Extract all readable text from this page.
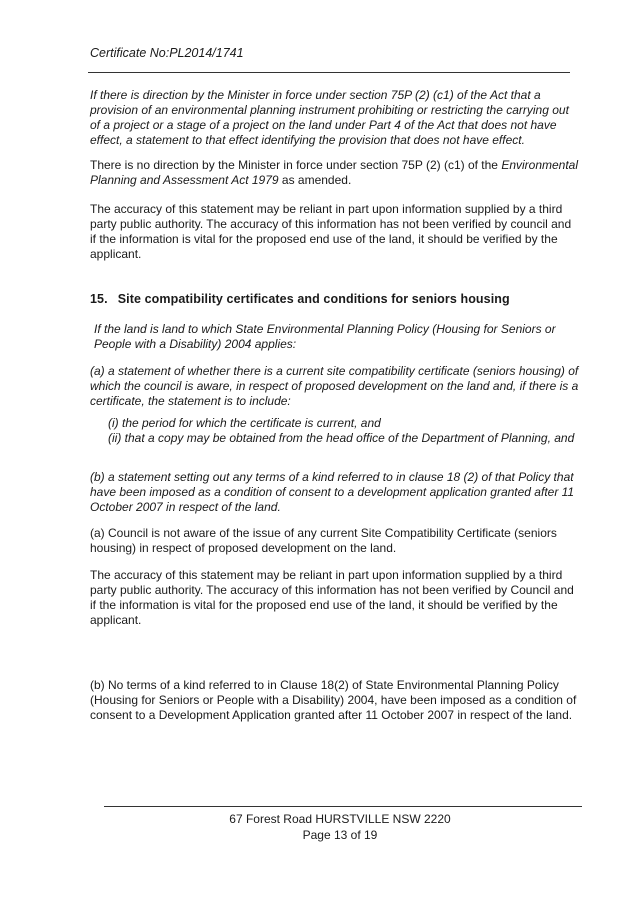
Certificate No:PL2014/1741

If there is direction by the Minister in force under section 75P (2) (c1) of the Act that a provision of an environmental planning instrument prohibiting or restricting the carrying out of a project or a stage of a project on the land under Part 4 of the Act that does not have effect, a statement to that effect identifying the provision that does not have effect.

There is no direction by the Minister in force under section 75P (2) (c1) of the Environmental Planning and Assessment Act 1979 as amended.

The accuracy of this statement may be reliant in part upon information supplied by a third party public authority. The accuracy of this information has not been verified by council and if the information is vital for the proposed end use of the land, it should be verified by the applicant.

15. Site compatibility certificates and conditions for seniors housing

If the land is land to which State Environmental Planning Policy (Housing for Seniors or People with a Disability) 2004 applies:

(a) a statement of whether there is a current site compatibility certificate (seniors housing) of which the council is aware, in respect of proposed development on the land and, if there is a certificate, the statement is to include:

(i) the period for which the certificate is current, and
(ii) that a copy may be obtained from the head office of the Department of Planning, and

(b) a statement setting out any terms of a kind referred to in clause 18 (2) of that Policy that have been imposed as a condition of consent to a development application granted after 11 October 2007 in respect of the land.

(a) Council is not aware of the issue of any current Site Compatibility Certificate (seniors housing) in respect of proposed development on the land.

The accuracy of this statement may be reliant in part upon information supplied by a third party public authority. The accuracy of this information has not been verified by Council and if the information is vital for the proposed end use of the land, it should be verified by the applicant.

(b) No terms of a kind referred to in Clause 18(2) of State Environmental Planning Policy (Housing for Seniors or People with a Disability) 2004, have been imposed as a condition of consent to a Development Application granted after 11 October 2007 in respect of the land.

67 Forest Road HURSTVILLE NSW 2220
Page 13 of 19
